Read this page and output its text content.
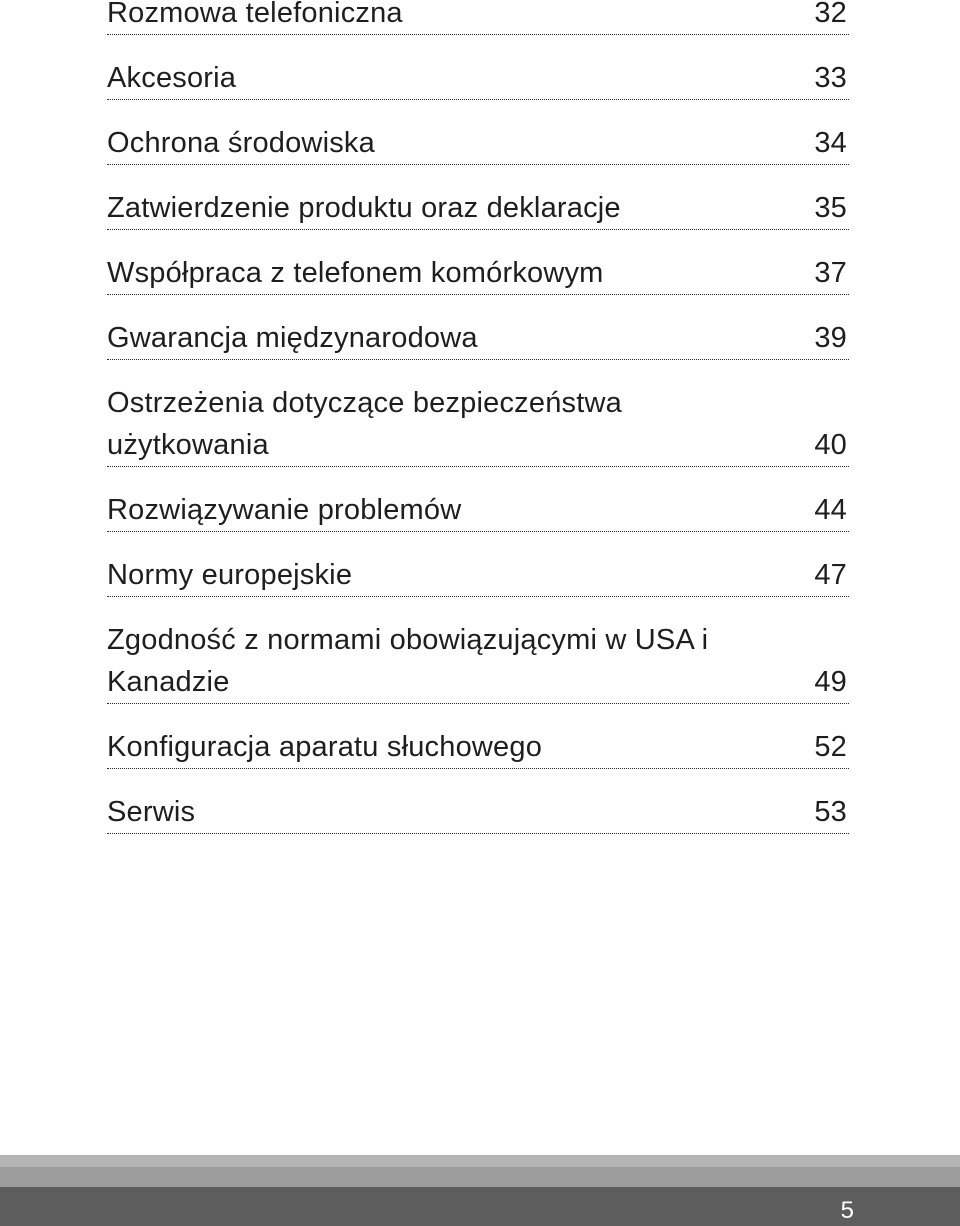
Rozmowa telefoniczna	32
Akcesoria	33
Ochrona środowiska	34
Zatwierdzenie produktu oraz deklaracje	35
Współpraca z telefonem komórkowym	37
Gwarancja międzynarodowa	39
Ostrzeżenia dotyczące bezpieczeństwa użytkowania	40
Rozwiązywanie problemów	44
Normy europejskie	47
Zgodność z normami obowiązującymi w USA i Kanadzie	49
Konfiguracja aparatu słuchowego	52
Serwis	53
5
